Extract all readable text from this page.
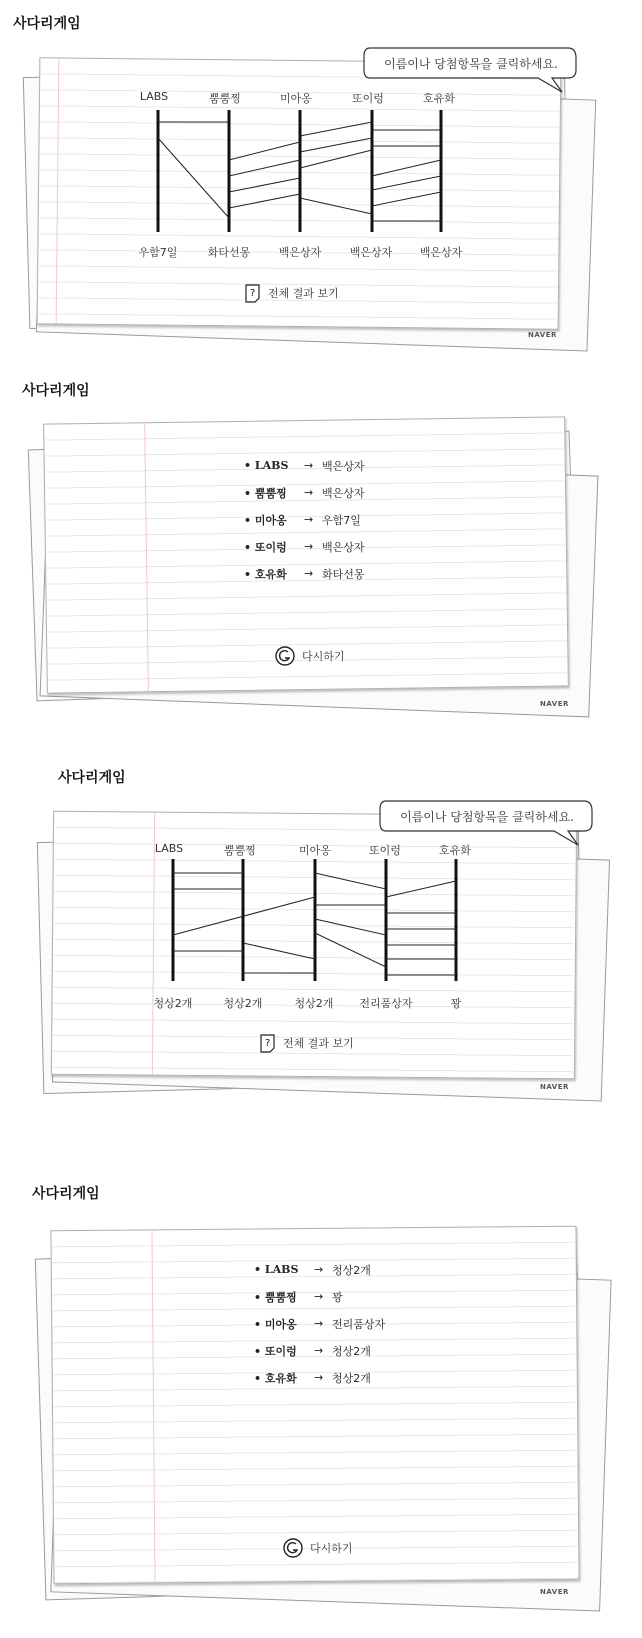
사다리게임
이름이나 당첨항목을 클릭하세요.
LABS	뿜뿜찡	미아옹	또이렁	호유화
우함7일	화타선몽	백은상자	백은상자	백은상자
? 전체 결과 보기
NAVER
사다리게임
• LABS	→ 백은상자
• 뿜뿜찡	→ 백은상자
• 미아옹	→ 우함7일
• 또이렁	→ 백은상자
• 호유화	→ 화타선몽
다시하기
NAVER
사다리게임
이름이나 당첨항목을 클릭하세요.
LABS	뿜뿜찡	미아옹	또이렁	호유화
청상2개	청상2개	청상2개	전리품상자	꽝
? 전체 결과 보기
NAVER
사다리게임
• LABS	→ 청상2개
• 뿜뿜찡	→ 꽝
• 미아옹	→ 전리품상자
• 또이렁	→ 청상2개
• 호유화	→ 청상2개
다시하기
NAVER
